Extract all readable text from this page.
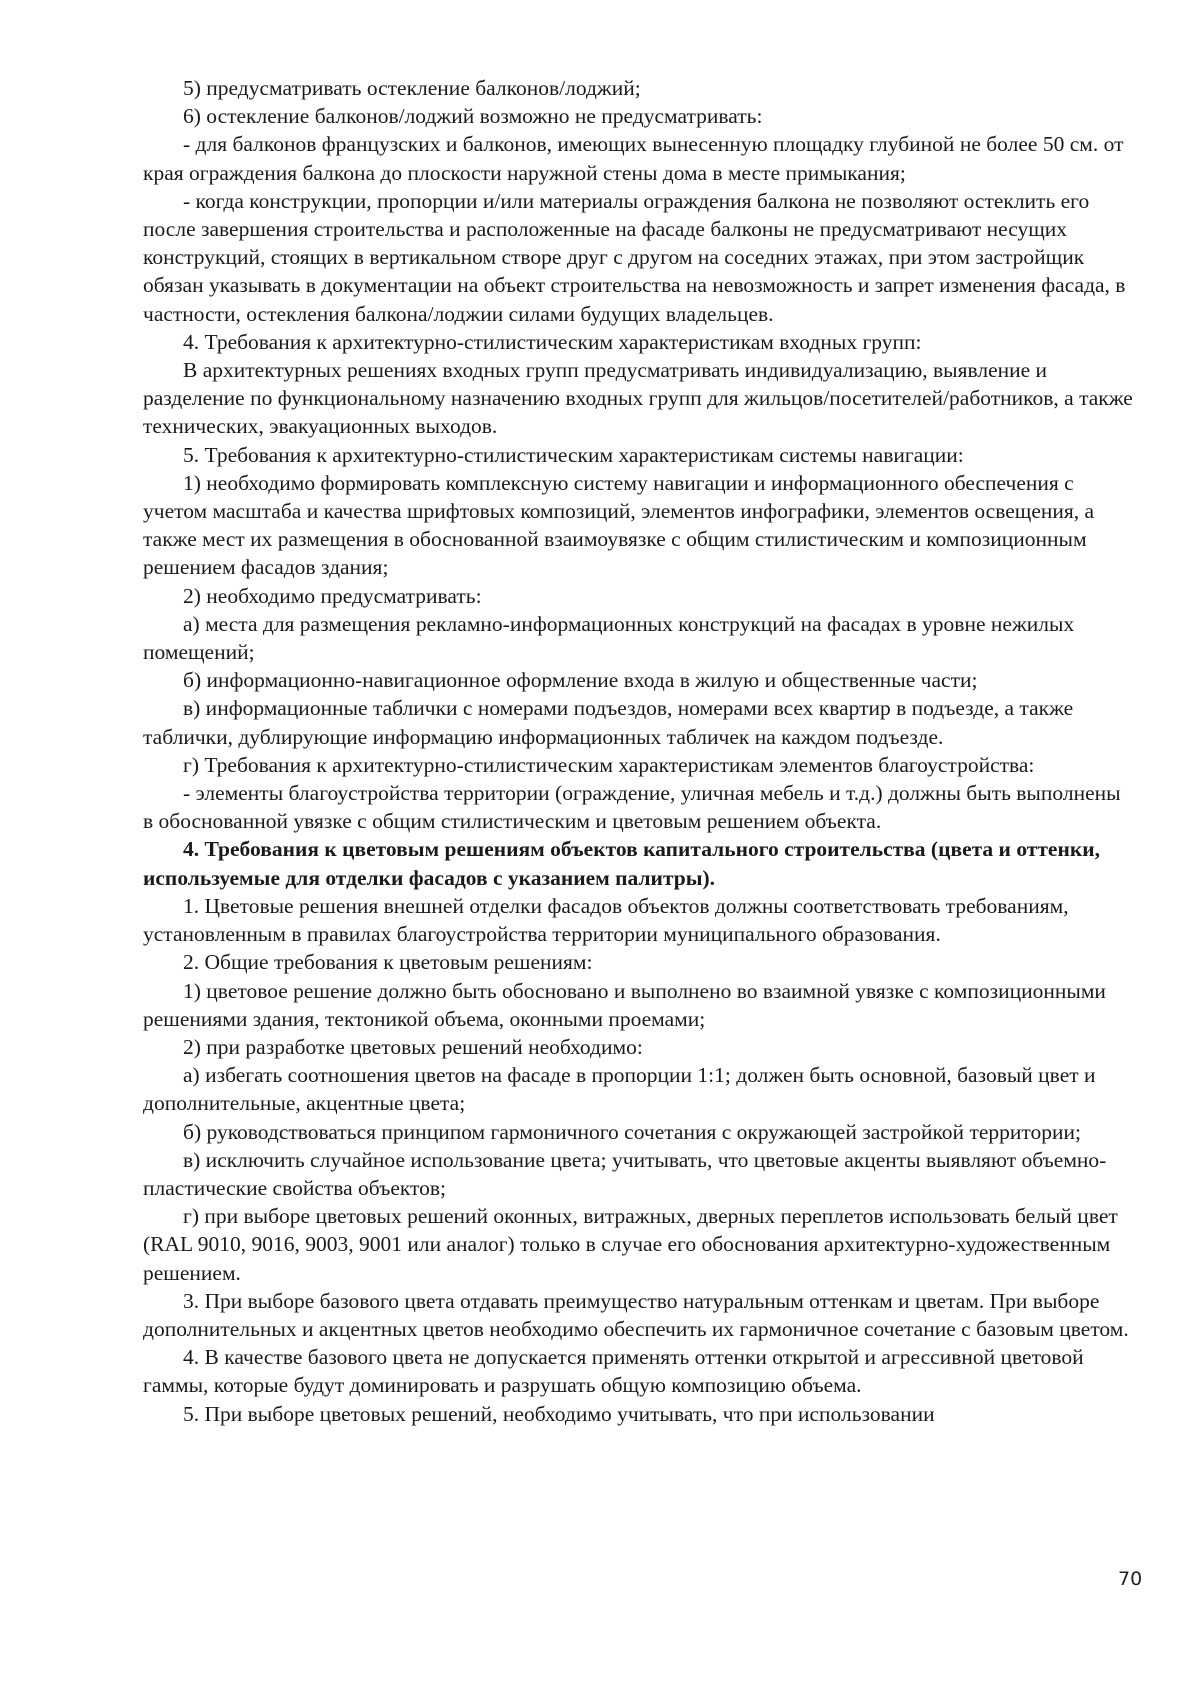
5) предусматривать остекление балконов/лоджий;

6) остекление балконов/лоджий возможно не предусматривать:

- для балконов французских и балконов, имеющих вынесенную площадку глубиной не более 50 см. от края ограждения балкона до плоскости наружной стены дома в месте примыкания;

- когда конструкции, пропорции и/или материалы ограждения балкона не позволяют остеклить его после завершения строительства и расположенные на фасаде балконы не предусматривают несущих конструкций, стоящих в вертикальном створе друг с другом на соседних этажах, при этом застройщик обязан указывать в документации на объект строительства на невозможность и запрет изменения фасада, в частности, остекления балкона/лоджии силами будущих владельцев.

4. Требования к архитектурно-стилистическим характеристикам входных групп:

В архитектурных решениях входных групп предусматривать индивидуализацию, выявление и разделение по функциональному назначению входных групп для жильцов/посетителей/работников, а также технических, эвакуационных выходов.

5. Требования к архитектурно-стилистическим характеристикам системы навигации:

1) необходимо формировать комплексную систему навигации и информационного обеспечения с учетом масштаба и качества шрифтовых композиций, элементов инфографики, элементов освещения, а также мест их размещения в обоснованной взаимоувязке с общим стилистическим и композиционным решением фасадов здания;

2) необходимо предусматривать:

а) места для размещения рекламно-информационных конструкций на фасадах в уровне нежилых помещений;

б) информационно-навигационное оформление входа в жилую и общественные части;

в) информационные таблички с номерами подъездов, номерами всех квартир в подъезде, а также таблички, дублирующие информацию информационных табличек на каждом подъезде.

г) Требования к архитектурно-стилистическим характеристикам элементов благоустройства:

- элементы благоустройства территории (ограждение, уличная мебель и т.д.) должны быть выполнены в обоснованной увязке с общим стилистическим и цветовым решением объекта.

4. Требования к цветовым решениям объектов капитального строительства (цвета и оттенки, используемые для отделки фасадов с указанием палитры).

1. Цветовые решения внешней отделки фасадов объектов должны соответствовать требованиям, установленным в правилах благоустройства территории муниципального образования.

2. Общие требования к цветовым решениям:

1) цветовое решение должно быть обосновано и выполнено во взаимной увязке с композиционными решениями здания, тектоникой объема, оконными проемами;

2) при разработке цветовых решений необходимо:

а) избегать соотношения цветов на фасаде в пропорции 1:1; должен быть основной, базовый цвет и дополнительные, акцентные цвета;

б) руководствоваться принципом гармоничного сочетания с окружающей застройкой территории;

в) исключить случайное использование цвета; учитывать, что цветовые акценты выявляют объемно-пластические свойства объектов;

г) при выборе цветовых решений оконных, витражных, дверных переплетов использовать белый цвет (RAL 9010, 9016, 9003, 9001 или аналог) только в случае его обоснования архитектурно-художественным решением.

3. При выборе базового цвета отдавать преимущество натуральным оттенкам и цветам. При выборе дополнительных и акцентных цветов необходимо обеспечить их гармоничное сочетание с базовым цветом.

4. В качестве базового цвета не допускается применять оттенки открытой и агрессивной цветовой гаммы, которые будут доминировать и разрушать общую композицию объема.

5. При выборе цветовых решений, необходимо учитывать, что при использовании

70
